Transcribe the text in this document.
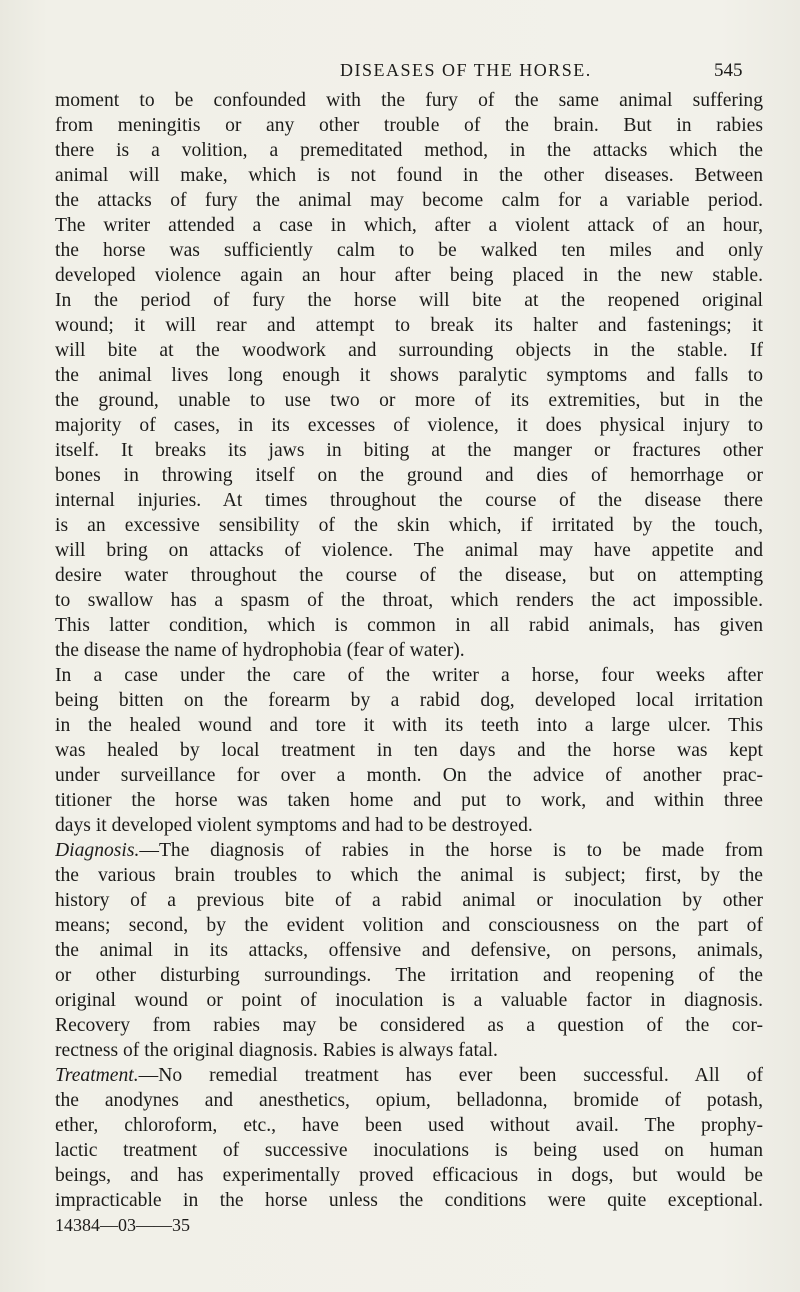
DISEASES OF THE HORSE.	545
moment to be confounded with the fury of the same animal suffering
from meningitis or any other trouble of the brain. But in rabies
there is a volition, a premeditated method, in the attacks which the
animal will make, which is not found in the other diseases. Between
the attacks of fury the animal may become calm for a variable period.
The writer attended a case in which, after a violent attack of an hour,
the horse was sufficiently calm to be walked ten miles and only
developed violence again an hour after being placed in the new stable.
In the period of fury the horse will bite at the reopened original
wound; it will rear and attempt to break its halter and fastenings; it
will bite at the woodwork and surrounding objects in the stable. If
the animal lives long enough it shows paralytic symptoms and falls to
the ground, unable to use two or more of its extremities, but in the
majority of cases, in its excesses of violence, it does physical injury to
itself. It breaks its jaws in biting at the manger or fractures other
bones in throwing itself on the ground and dies of hemorrhage or
internal injuries. At times throughout the course of the disease there
is an excessive sensibility of the skin which, if irritated by the touch,
will bring on attacks of violence. The animal may have appetite and
desire water throughout the course of the disease, but on attempting
to swallow has a spasm of the throat, which renders the act impossible.
This latter condition, which is common in all rabid animals, has given
the disease the name of hydrophobia (fear of water).
In a case under the care of the writer a horse, four weeks after
being bitten on the forearm by a rabid dog, developed local irritation
in the healed wound and tore it with its teeth into a large ulcer. This
was healed by local treatment in ten days and the horse was kept
under surveillance for over a month. On the advice of another prac-
titioner the horse was taken home and put to work, and within three
days it developed violent symptoms and had to be destroyed.
Diagnosis.—The diagnosis of rabies in the horse is to be made from
the various brain troubles to which the animal is subject; first, by the
history of a previous bite of a rabid animal or inoculation by other
means; second, by the evident volition and consciousness on the part of
the animal in its attacks, offensive and defensive, on persons, animals,
or other disturbing surroundings. The irritation and reopening of the
original wound or point of inoculation is a valuable factor in diagnosis.
Recovery from rabies may be considered as a question of the cor-
rectness of the original diagnosis. Rabies is always fatal.
Treatment.—No remedial treatment has ever been successful. All of
the anodynes and anesthetics, opium, belladonna, bromide of potash,
ether, chloroform, etc., have been used without avail. The prophy-
lactic treatment of successive inoculations is being used on human
beings, and has experimentally proved efficacious in dogs, but would be
impracticable in the horse unless the conditions were quite exceptional.
14384—03——35
